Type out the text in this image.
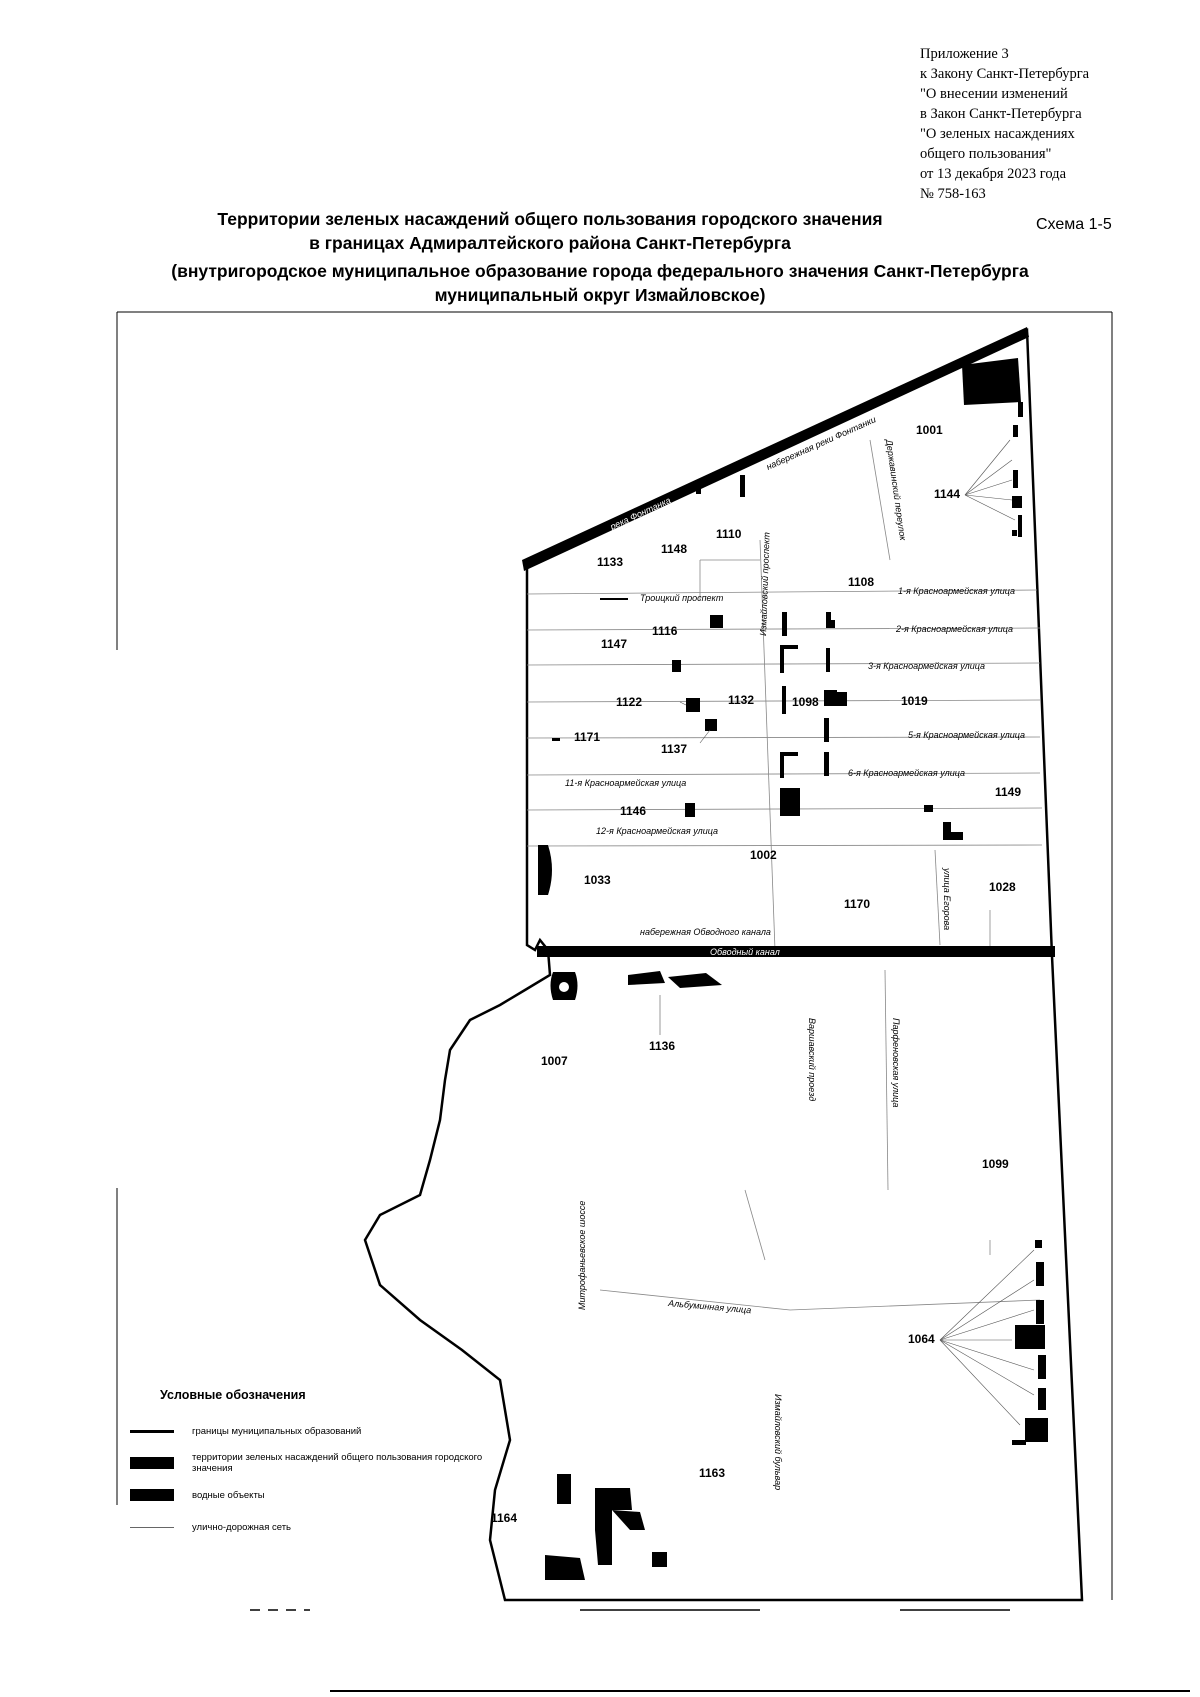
Приложение 3
к Закону Санкт-Петербурга
"О внесении изменений
в Закон Санкт-Петербурга
"О зеленых насаждениях
общего пользования"
от 13 декабря 2023 года
№ 758-163
Территории зеленых насаждений общего пользования городского значения
в границах Адмиралтейского района Санкт-Петербурга
Схема 1-5
(внутригородское муниципальное образование города федерального значения Санкт-Петербурга
муниципальный округ Измайловское)
река Фонтанка
Обводный канал
1001
1144
1110
1148
1133
1108
1116
1147
1122	1132	1098	1019
1171
1137
1146
1149
1002
1033
1170
1028
1136
1007
1099
1064
1163
1164
набережная реки Фонтанки Державинский переулок
Измайловский проспект
Троицкий проспект
1-я Красноармейская улица
2-я Красноармейская улица
3-я Красноармейская улица
5-я Красноармейская улица
6-я Красноармейская улица
11-я Красноармейская улица
12-я Красноармейская улица
улица Егорова
набережная Обводного канала
Варшавский проезд	Парфеновская улица
Митрофаньевское шоссе	Альбуминная улица
Измайловский бульвар
Условные обозначения
границы муниципальных образований
территории зеленых насаждений общего пользования городского значения
водные объекты
улично-дорожная сеть
